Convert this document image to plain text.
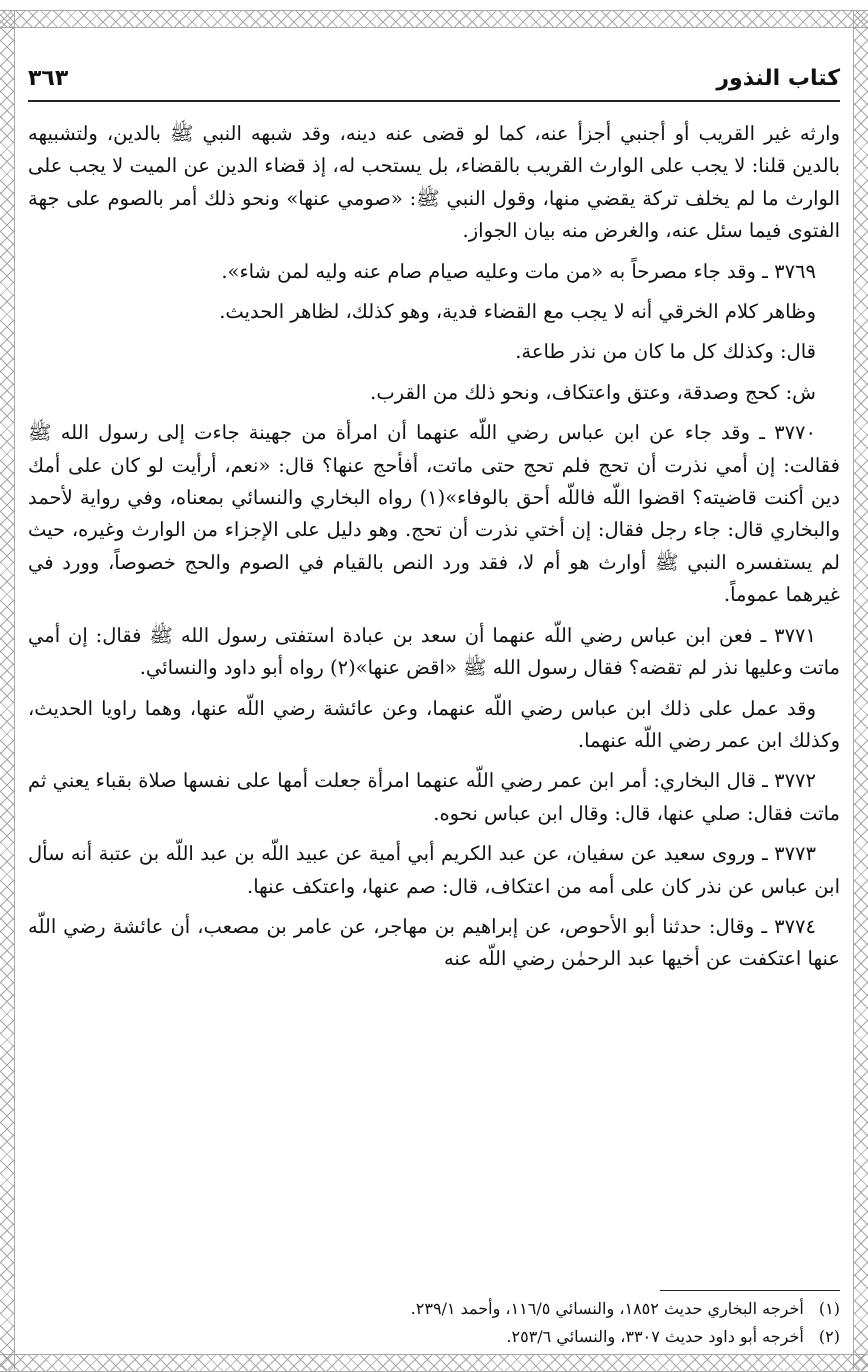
كتاب النذور
٣٦٣

وارثه غير القريب أو أجنبي أجزأ عنه، كما لو قضى عنه دينه، وقد شبهه النبي ﷺ بالدين، ولتشبيهه بالدين قلنا: لا يجب على الوارث القريب بالقضاء، بل يستحب له، إذ قضاء الدين عن الميت لا يجب على الوارث ما لم يخلف تركة يقضي منها، وقول النبي ﷺ: «صومي عنها» ونحو ذلك أمر بالصوم على جهة الفتوى فيما سئل عنه، والغرض منه بيان الجواز.

٣٧٦٩ ـ وقد جاء مصرحاً به «من مات وعليه صيام صام عنه وليه لمن شاء».

وظاهر كلام الخرقي أنه لا يجب مع القضاء فدية، وهو كذلك، لظاهر الحديث.

قال: وكذلك كل ما كان من نذر طاعة.

ش: كحج وصدقة، وعتق واعتكاف، ونحو ذلك من القرب.

٣٧٧٠ ـ وقد جاء عن ابن عباس رضي اللّه عنهما أن امرأة من جهينة جاءت إلى رسول الله ﷺ فقالت: إن أمي نذرت أن تحج فلم تحج حتى ماتت، أفأحج عنها؟ قال: «نعم، أرأيت لو كان على أمك دين أكنت قاضيته؟ اقضوا اللّه فاللّه أحق بالوفاء»(١) رواه البخاري والنسائي بمعناه، وفي رواية لأحمد والبخاري قال: جاء رجل فقال: إن أختي نذرت أن تحج. وهو دليل على الإجزاء من الوارث وغيره، حيث لم يستفسره النبي ﷺ أوارث هو أم لا، فقد ورد النص بالقيام في الصوم والحج خصوصاً، وورد في غيرهما عموماً.

٣٧٧١ ـ فعن ابن عباس رضي اللّه عنهما أن سعد بن عبادة استفتى رسول الله ﷺ فقال: إن أمي ماتت وعليها نذر لم تقضه؟ فقال رسول الله ﷺ «اقض عنها»(٢) رواه أبو داود والنسائي.

وقد عمل على ذلك ابن عباس رضي اللّه عنهما، وعن عائشة رضي اللّه عنها، وهما راويا الحديث، وكذلك ابن عمر رضي اللّه عنهما.

٣٧٧٢ ـ قال البخاري: أمر ابن عمر رضي اللّه عنهما امرأة جعلت أمها على نفسها صلاة بقباء يعني ثم ماتت فقال: صلي عنها، قال: وقال ابن عباس نحوه.

٣٧٧٣ ـ وروى سعيد عن سفيان، عن عبد الكريم أبي أمية عن عبيد اللّه بن عبد اللّه بن عتبة أنه سأل ابن عباس عن نذر كان على أمه من اعتكاف، قال: صم عنها، واعتكف عنها.

٣٧٧٤ ـ وقال: حدثنا أبو الأحوص، عن إبراهيم بن مهاجر، عن عامر بن مصعب، أن عائشة رضي اللّه عنها اعتكفت عن أخيها عبد الرحمٰن رضي اللّه عنه

(١) أخرجه البخاري حديث ١٨٥٢، والنسائي ١١٦/٥، وأحمد ٢٣٩/١.

(٢) أخرجه أبو داود حديث ٣٣٠٧، والنسائي ٢٥٣/٦.
